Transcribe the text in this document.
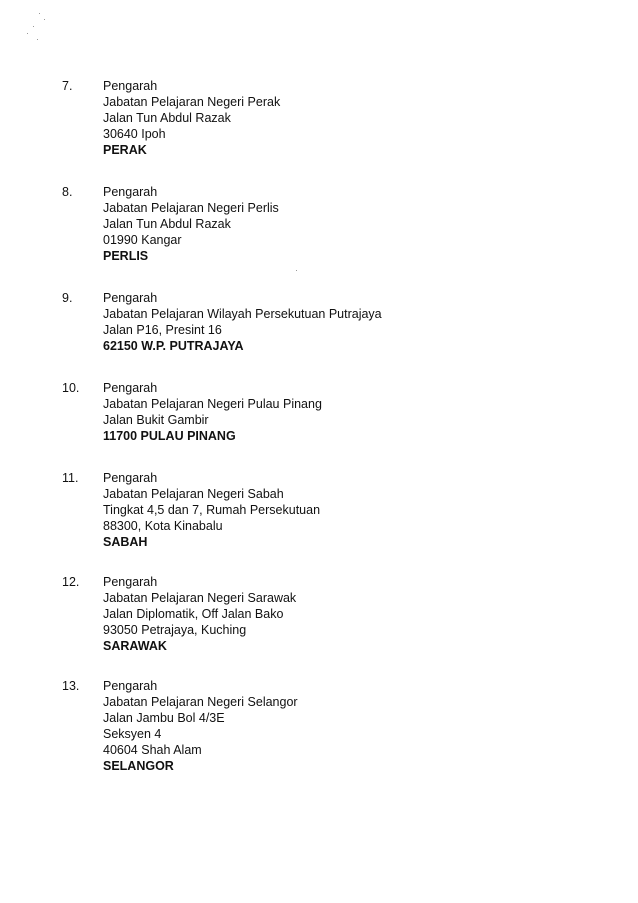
7. Pengarah
Jabatan Pelajaran Negeri Perak
Jalan Tun Abdul Razak
30640 Ipoh
PERAK
8. Pengarah
Jabatan Pelajaran Negeri Perlis
Jalan Tun Abdul Razak
01990 Kangar
PERLIS
9. Pengarah
Jabatan Pelajaran Wilayah Persekutuan Putrajaya
Jalan P16, Presint 16
62150 W.P. PUTRAJAYA
10. Pengarah
Jabatan Pelajaran Negeri Pulau Pinang
Jalan Bukit Gambir
11700 PULAU PINANG
11. Pengarah
Jabatan Pelajaran Negeri Sabah
Tingkat 4,5 dan 7, Rumah Persekutuan
88300, Kota Kinabalu
SABAH
12. Pengarah
Jabatan Pelajaran Negeri Sarawak
Jalan Diplomatik, Off Jalan Bako
93050 Petrajaya, Kuching
SARAWAK
13. Pengarah
Jabatan Pelajaran Negeri Selangor
Jalan Jambu Bol 4/3E
Seksyen 4
40604 Shah Alam
SELANGOR
